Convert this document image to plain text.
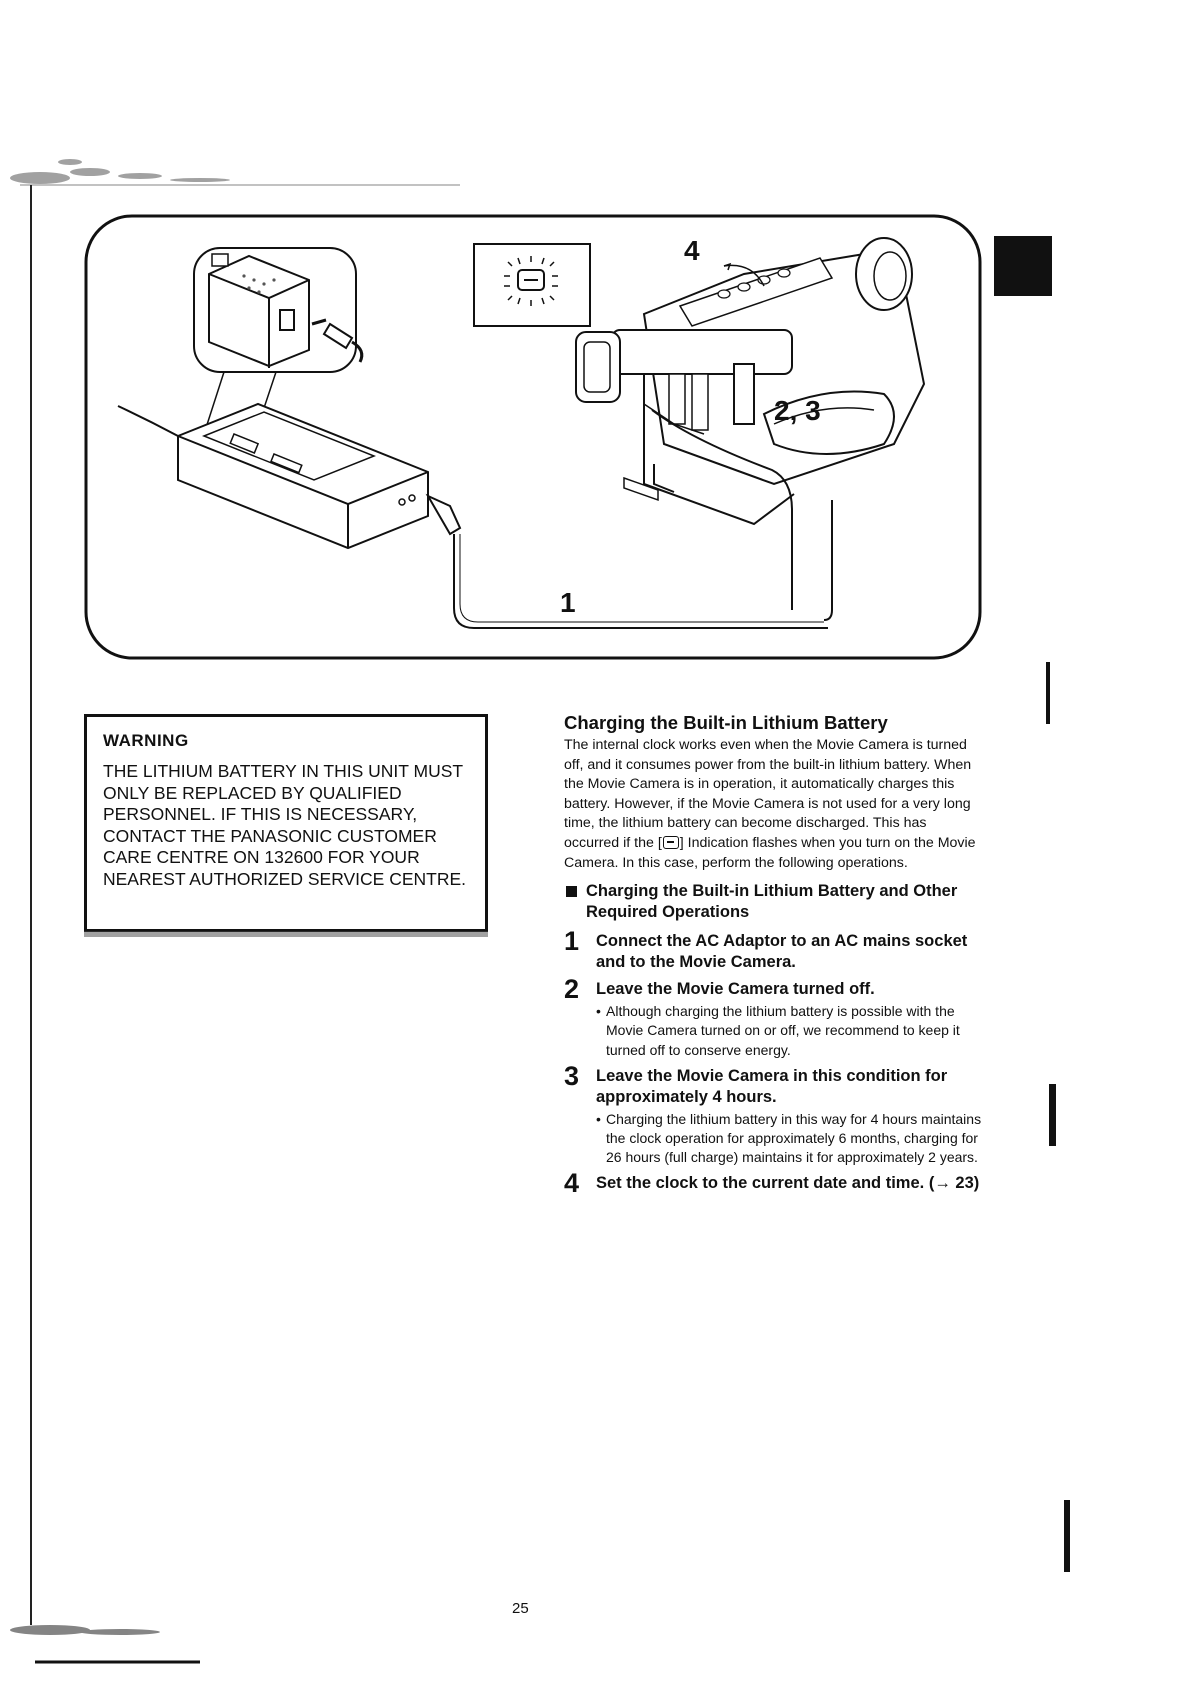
4
2, 3
1

WARNING

THE LITHIUM BATTERY IN THIS UNIT MUST ONLY BE REPLACED BY QUALIFIED PERSONNEL. IF THIS IS NECESSARY, CONTACT THE PANASONIC CUSTOMER CARE CENTRE ON 132600 FOR YOUR NEAREST AUTHORIZED SERVICE CENTRE.

Charging the Built-in Lithium Battery

The internal clock works even when the Movie Camera is turned off, and it consumes power from the built-in lithium battery. When the Movie Camera is in operation, it automatically charges this battery. However, if the Movie Camera is not used for a very long time, the lithium battery can become discharged. This has occurred if the [ ] Indication flashes when you turn on the Movie Camera. In this case, perform the following operations.

Charging the Built-in Lithium Battery and Other Required Operations

1 Connect the AC Adaptor to an AC mains socket and to the Movie Camera.

2 Leave the Movie Camera turned off.

• Although charging the lithium battery is possible with the Movie Camera turned on or off, we recommend to keep it turned off to conserve energy.

3 Leave the Movie Camera in this condition for approximately 4 hours.

• Charging the lithium battery in this way for 4 hours maintains the clock operation for approximately 6 months, charging for 26 hours (full charge) maintains it for approximately 2 years.

4 Set the clock to the current date and time. (→ 23)

25
